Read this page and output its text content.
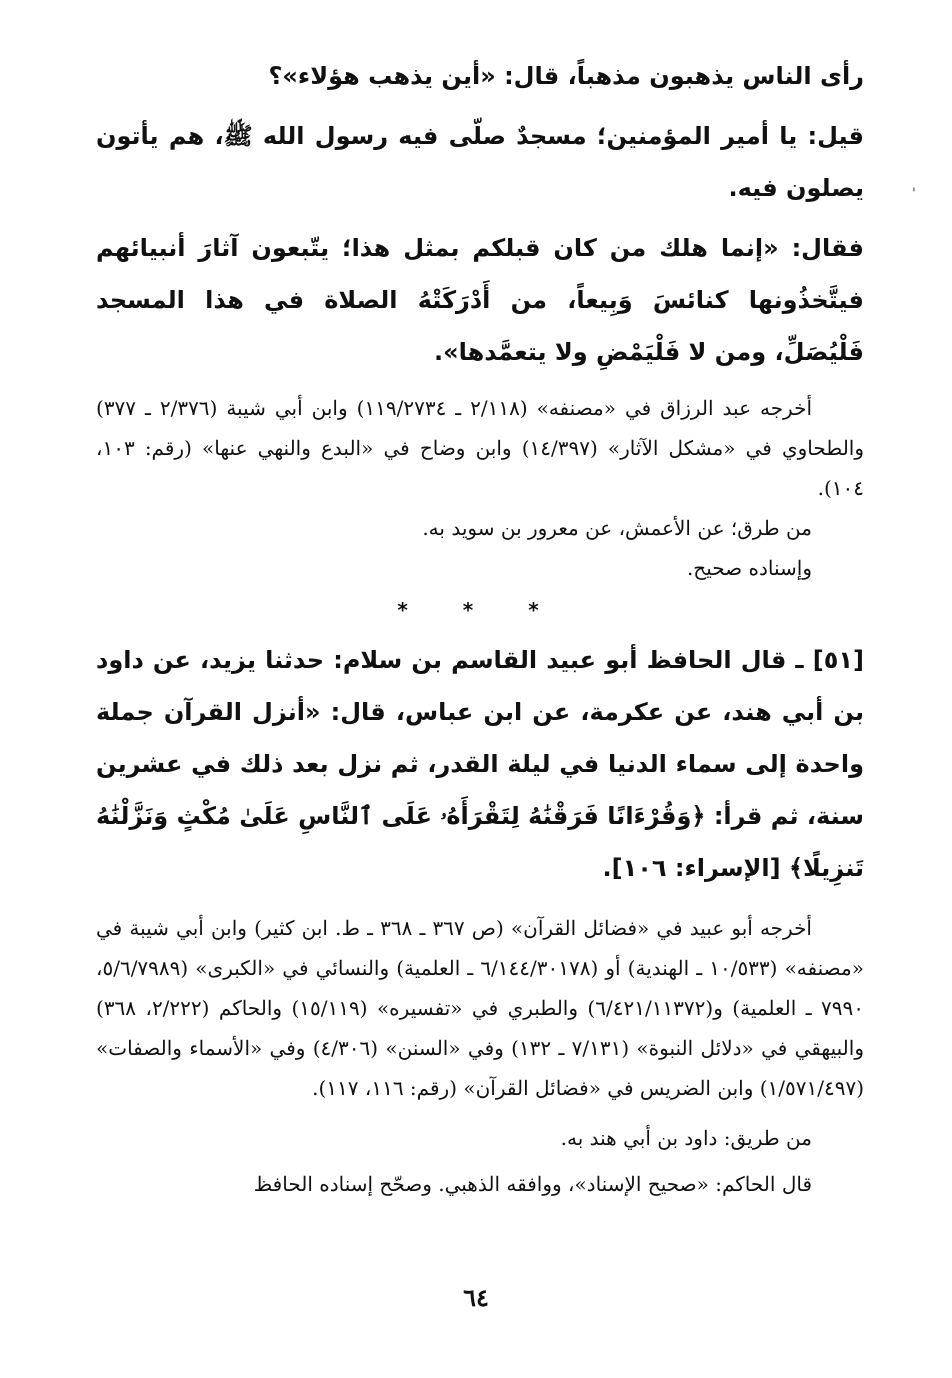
رأى الناس يذهبون مذهباً، قال: «أين يذهب هؤلاء»؟

قيل: يا أمير المؤمنين؛ مسجدٌ صلّى فيه رسول الله ﷺ، هم يأتون يصلون فيه.

فقال: «إنما هلك من كان قبلكم بمثل هذا؛ يتّبعون آثارَ أنبيائهم فيتَّخذُونها كنائسَ وَبِيعاً، من أَدْرَكَتْهُ الصلاة في هذا المسجد فَلْيُصَلِّ، ومن لا فَلْيَمْضِ ولا يتعمَّدها».

أخرجه عبد الرزاق في «مصنفه» (٢/١١٨ ـ ١١٩/٢٧٣٤) وابن أبي شيبة (٢/٣٧٦ ـ ٣٧٧) والطحاوي في «مشكل الآثار» (١٤/٣٩٧) وابن وضاح في «البدع والنهي عنها» (رقم: ١٠٣، ١٠٤).

من طرق؛ عن الأعمش، عن معرور بن سويد به.

وإسناده صحيح.

* * *

[٥١] ـ قال الحافظ أبو عبيد القاسم بن سلام: حدثنا يزيد، عن داود بن أبي هند، عن عكرمة، عن ابن عباس، قال: «أنزل القرآن جملة واحدة إلى سماء الدنيا في ليلة القدر، ثم نزل بعد ذلك في عشرين سنة، ثم قرأ: ﴿وَقُرْءَانًا فَرَقْنَٰهُ لِتَقْرَأَهُۥ عَلَى ٱلنَّاسِ عَلَىٰ مُكْثٍ وَنَزَّلْنَٰهُ تَنزِيلًا﴾ [الإسراء: ١٠٦].

أخرجه أبو عبيد في «فضائل القرآن» (ص ٣٦٧ ـ ٣٦٨ ـ ط. ابن كثير) وابن أبي شيبة في «مصنفه» (١٠/٥٣٣ ـ الهندية) أو (٦/١٤٤/٣٠١٧٨ ـ العلمية) والنسائي في «الكبرى» (٥/٦/٧٩٨٩، ٧٩٩٠ ـ العلمية) و(٦/٤٢١/١١٣٧٢) والطبري في «تفسيره» (١٥/١١٩) والحاكم (٢/٢٢٢، ٣٦٨) والبيهقي في «دلائل النبوة» (٧/١٣١ ـ ١٣٢) وفي «السنن» (٤/٣٠٦) وفي «الأسماء والصفات» (١/٥٧١/٤٩٧) وابن الضريس في «فضائل القرآن» (رقم: ١١٦، ١١٧).

من طريق: داود بن أبي هند به.

قال الحاكم: «صحيح الإسناد»، ووافقه الذهبي. وصحّح إسناده الحافظ

'
٦٤
